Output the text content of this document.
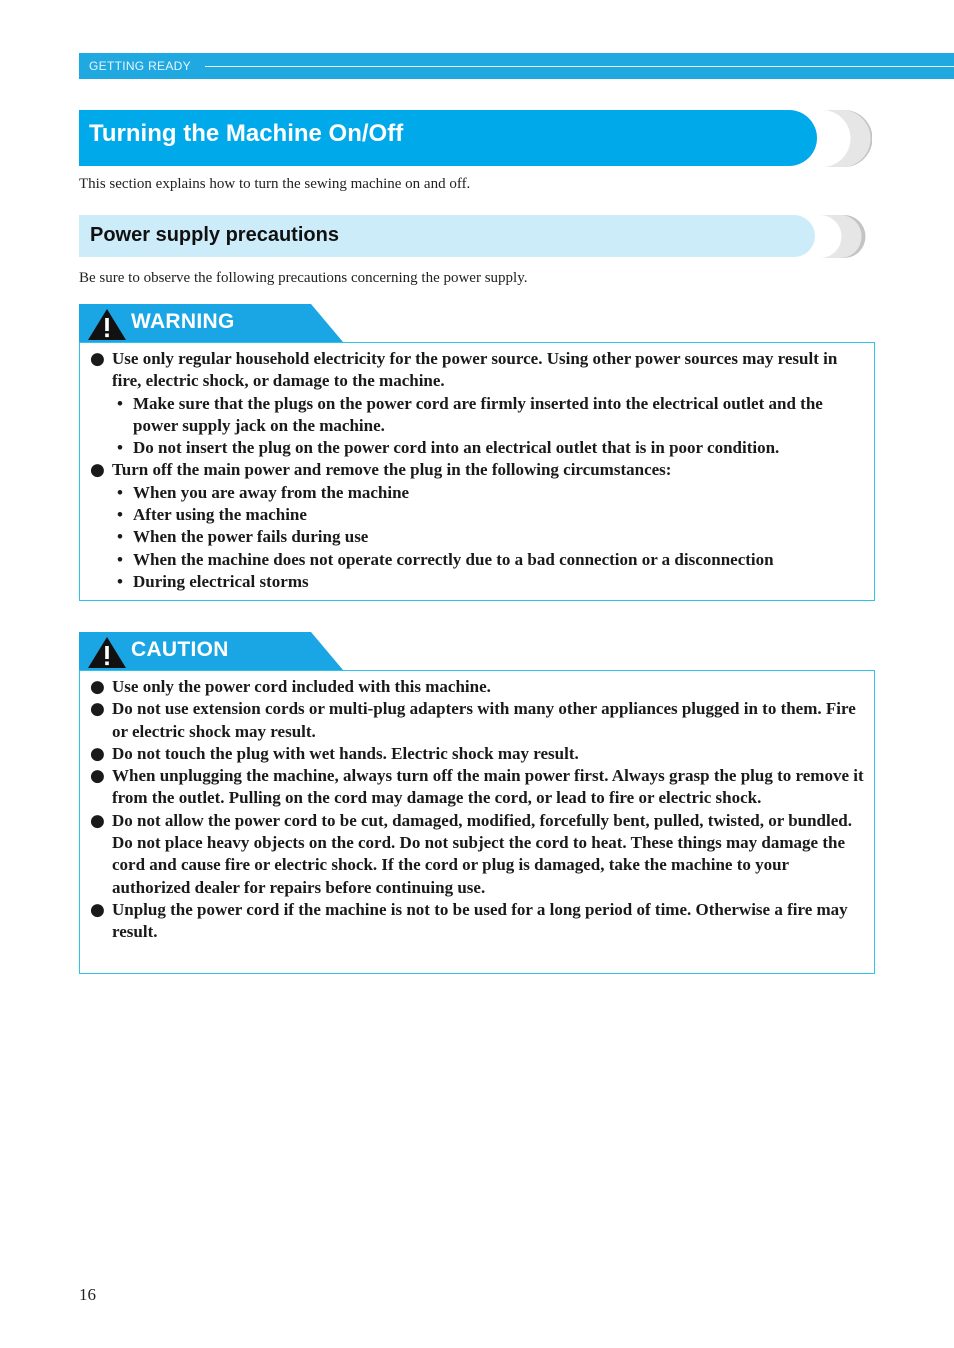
GETTING READY
Turning the Machine On/Off
This section explains how to turn the sewing machine on and off.
Power supply precautions
Be sure to observe the following precautions concerning the power supply.
WARNING
● Use only regular household electricity for the power source. Using other power sources may result in fire, electric shock, or damage to the machine.
• Make sure that the plugs on the power cord are firmly inserted into the electrical outlet and the power supply jack on the machine.
• Do not insert the plug on the power cord into an electrical outlet that is in poor condition.
● Turn off the main power and remove the plug in the following circumstances:
• When you are away from the machine
• After using the machine
• When the power fails during use
• When the machine does not operate correctly due to a bad connection or a disconnection
• During electrical storms
CAUTION
● Use only the power cord included with this machine.
● Do not use extension cords or multi-plug adapters with many other appliances plugged in to them. Fire or electric shock may result.
● Do not touch the plug with wet hands. Electric shock may result.
● When unplugging the machine, always turn off the main power first. Always grasp the plug to remove it from the outlet. Pulling on the cord may damage the cord, or lead to fire or electric shock.
● Do not allow the power cord to be cut, damaged, modified, forcefully bent, pulled, twisted, or bundled. Do not place heavy objects on the cord. Do not subject the cord to heat. These things may damage the cord and cause fire or electric shock. If the cord or plug is damaged, take the machine to your authorized dealer for repairs before continuing use.
● Unplug the power cord if the machine is not to be used for a long period of time. Otherwise a fire may result.
16
